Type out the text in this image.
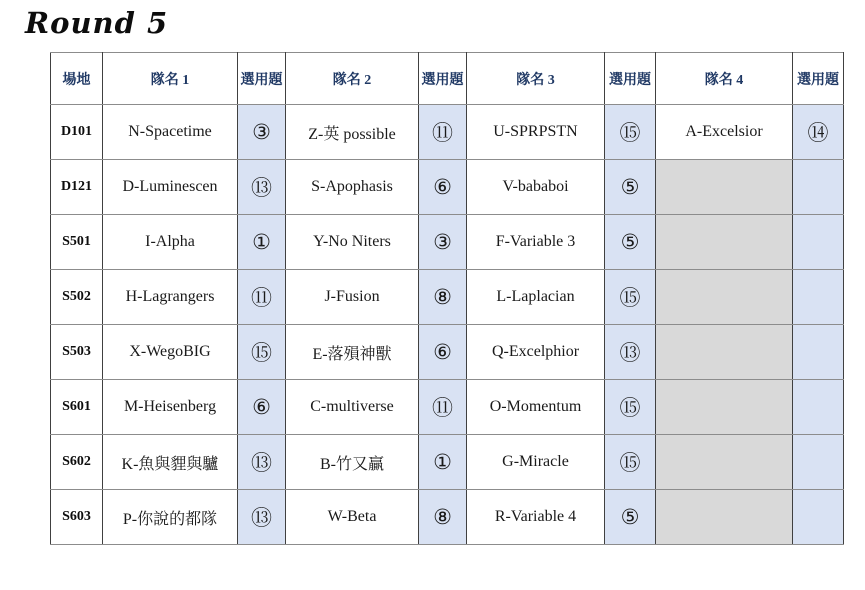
Round 5
場地	隊名 1	選用題	隊名 2	選用題	隊名 3	選用題	隊名 4	選用題
D101	N-Spacetime	③	Z-英 possible	⑪	U-SPRPSTN	⑮	A-Excelsior	⑭
D121	D-Luminescen	⑬	S-Apophasis	⑥	V-bababoi	⑤		
S501	I-Alpha	①	Y-No Niters	③	F-Variable 3	⑤		
S502	H-Lagrangers	⑪	J-Fusion	⑧	L-Laplacian	⑮		
S503	X-WegoBIG	⑮	E-落殞神獸	⑥	Q-Excelphior	⑬		
S601	M-Heisenberg	⑥	C-multiverse	⑪	O-Momentum	⑮		
S602	K-魚與貍與驢	⑬	B-竹又贏	①	G-Miracle	⑮		
S603	P-你說的都隊	⑬	W-Beta	⑧	R-Variable 4	⑤		
